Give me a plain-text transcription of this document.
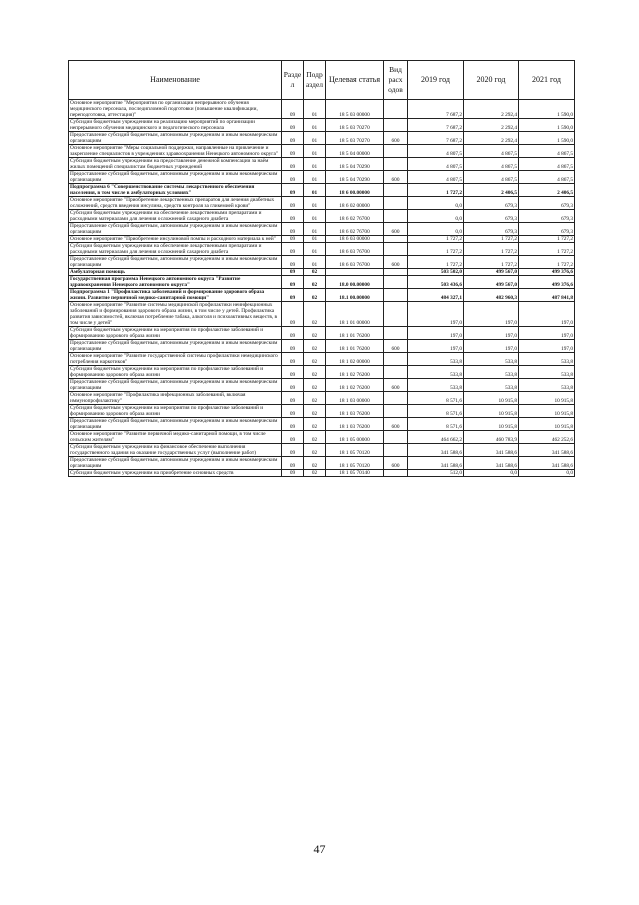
Наименование	Разде л	Подр аздел	Целевая статья	Вид расх одов	2019 год	2020 год	2021 год
Основное мероприятие "Мероприятия по организации непрерывного обучения медицинского персонала, последипломной подготовки (повышение квалификации, переподготовка, аттестация)"	09	01	18 5 03 00000		7 687,2	2 292,4	1 590,0
Субсидии бюджетным учреждениям на реализацию мероприятий по организации непрерывного обучения медицинского и педагогического персонала	09	01	18 5 03 70270		7 687,2	2 292,4	1 590,0
Предоставление субсидий бюджетным, автономным учреждениям и иным некоммерческим организациям	09	01	18 5 03 70270	600	7 687,2	2 292,4	1 590,0
Основное мероприятие "Меры социальной поддержки, направленные на привлечение и закрепление специалистов в учреждениях здравоохранения Ненецкого автономного округа"	09	01	18 5 04 00000		4 807,5	4 867,5	4 867,5
Субсидии бюджетным учреждениям на предоставление денежной компенсации за наём жилых помещений специалистам бюджетных учреждений	09	01	18 5 04 70290		4 807,5	4 867,5	4 867,5
Предоставление субсидий бюджетным, автономным учреждениям и иным некоммерческим организациям	09	01	18 5 04 70290	600	4 807,5	4 867,5	4 867,5
Подпрограмма 6 "Совершенствование системы лекарственного обеспечения населения, в том числе в амбулаторных условиях"	09	01	18 6 00.00000		1 727,2	2 406,5	2 406,5
Основное мероприятие "Приобретение лекарственных препаратов для лечения диабетных осложнений, средств введения инсулина, средств контроля за гликемией крови"	09	01	18 6 02 00000		0,0	679,3	679,3
Субсидии бюджетным учреждениям на обеспечение лекарственными препаратами и расходными материалами для лечения осложнений сахарного диабета	09	01	18 6 02 76700		0,0	679,3	679,3
Предоставление субсидий бюджетным, автономным учреждениям и иным некоммерческим организациям	09	01	18 6 02 76700	600	0,0	679,3	679,3
Основное мероприятие "Приобретение инсулиновой помпы и расходного материала к ней"	09	01	18 6 03 00000		1 727,2	1 727,2	1 727,2
Субсидии бюджетным учреждениям на обеспечение лекарственными препаратами и расходными материалами для лечения осложнений сахарного диабета	09	01	18 6 03 76700		1 727,2	1 727,2	1 727,2
Предоставление субсидий бюджетным, автономным учреждениям и иным некоммерческим организациям	09	01	18 6 03 76700	600	1 727,2	1 727,2	1 727,2
Амбулаторная помощь	09	02			503 502,0	499 567,0	499 376,6
Государственная программа Ненецкого автономного округа "Развитие здравоохранения Ненецкого автономного округа"	09	02	18.0 00.00000		503 436,6	499 567,0	499 376,6
Подпрограмма 1 "Профилактика заболеваний и формирование здорового образа жизни. Развитие первичной медико-санитарной помощи"	09	02	18.1 00.00000		484 327,1	482 960,3	487 841,8
Основное мероприятие "Развитие системы медицинской профилактики неинфекционных заболеваний и формирования здорового образа жизни, в том числе у детей. Профилактика развития зависимостей, включая потребление табака, алкоголя и психоактивных веществ, в том числе у детей"	09	02	18 1 01 00000		197,0	197,0	197,0
Субсидии бюджетным учреждениям на мероприятия по профилактике заболеваний и формированию здорового образа жизни	09	02	18 1 01 76200		197,0	197,0	197,0
Предоставление субсидий бюджетным, автономным учреждениям и иным некоммерческим организациям	09	02	18 1 01 76200	600	197,0	197,0	197,0
Основное мероприятие "Развитие государственной системы профилактики немедицинского потребления наркотиков"	09	02	18 1 02 00000		533,8	533,8	533,8
Субсидии бюджетным учреждениям на мероприятия по профилактике заболеваний и формированию здорового образа жизни	09	02	18 1 02 76200		533,8	533,8	533,8
Предоставление субсидий бюджетным, автономным учреждениям и иным некоммерческим организациям	09	02	18 1 02 76200	600	533,8	533,8	533,8
Основное мероприятие "Профилактика инфекционных заболеваний, включая иммунопрофилактику"	09	02	18 1 03 00000		8 571,6	10 915,8	10 915,8
Субсидии бюджетным учреждениям на мероприятия по профилактике заболеваний и формированию здорового образа жизни	09	02	18 1 03 76200		8 571,6	10 915,8	10 915,8
Предоставление субсидий бюджетным, автономным учреждениям и иным некоммерческим организациям	09	02	18 1 03 76200	600	8 571,6	10 915,8	10 915,8
Основное мероприятие "Развитие первичной медико-санитарной помощи, в том числе сельским жителям"	09	02	18 1 05 00000		464 662,2	460 783,9	462 252,6
Субсидии бюджетным учреждениям на финансовое обеспечение выполнения государственного задания на оказание государственных услуг (выполнение работ)	09	02	18 1 05 70120		341 588,6	341 588,6	341 588,6
Предоставление субсидий бюджетным, автономным учреждениям и иным некоммерческим организациям	09	02	18 1 05 70120	600	341 588,6	341 588,6	341 588,6
Субсидии бюджетным учреждениям на приобретение основных средств	09	02	18 1 05 70140		512,0	0,0	0,0
47
